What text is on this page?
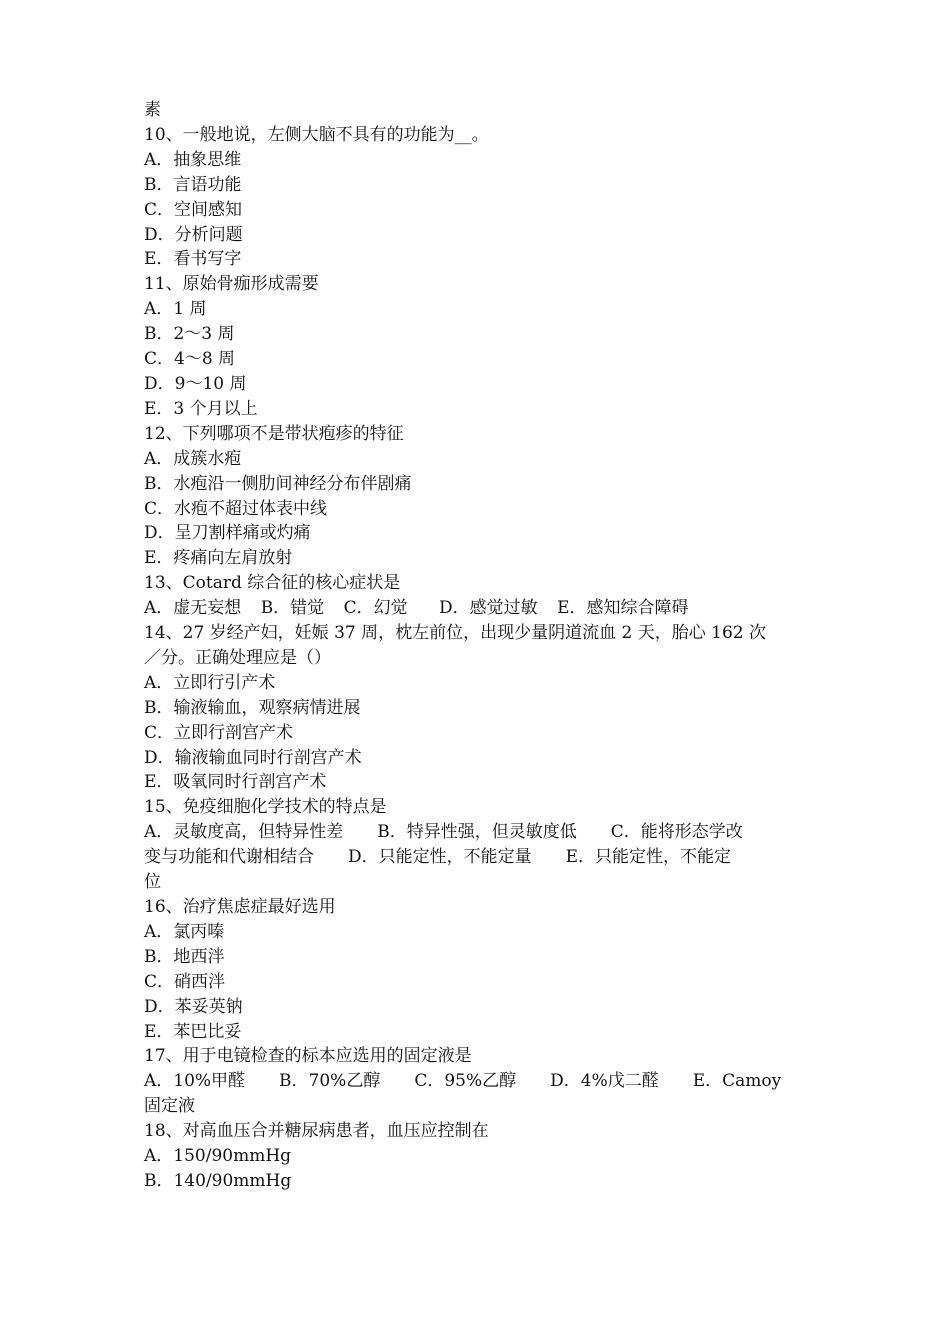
素
10、一般地说，左侧大脑不具有的功能为__。
A．抽象思维
B．言语功能
C．空间感知
D．分析问题
E．看书写字
11、原始骨痂形成需要
A．1 周
B．2～3 周
C．4～8 周
D．9～10 周
E．3 个月以上
12、下列哪项不是带状疱疹的特征
A．成簇水疱
B．水疱沿一侧肋间神经分布伴剧痛
C．水疱不超过体表中线
D．呈刀割样痛或灼痛
E．疼痛向左肩放射
13、Cotard 综合征的核心症状是
A．虚无妄想 B．错觉 C．幻觉 D．感觉过敏 E．感知综合障碍
14、27 岁经产妇，妊娠 37 周，枕左前位，出现少量阴道流血 2 天，胎心 162 次
／分。正确处理应是（）
A．立即行引产术
B．输液输血，观察病情进展
C．立即行剖宫产术
D．输液输血同时行剖宫产术
E．吸氧同时行剖宫产术
15、免疫细胞化学技术的特点是
A．灵敏度高，但特异性差　　B．特异性强，但灵敏度低　　C．能将形态学改
变与功能和代谢相结合　　D．只能定性，不能定量　　E．只能定性，不能定
位
16、治疗焦虑症最好选用
A．氯丙嗪
B．地西泮
C．硝西泮
D．苯妥英钠
E．苯巴比妥
17、用于电镜检查的标本应选用的固定液是
A．10%甲醛　　B．70%乙醇　　C．95%乙醇　　D．4%戊二醛　　E．Camoy
固定液
18、对高血压合并糖尿病患者，血压应控制在
A．150/90mmHg
B．140/90mmHg
